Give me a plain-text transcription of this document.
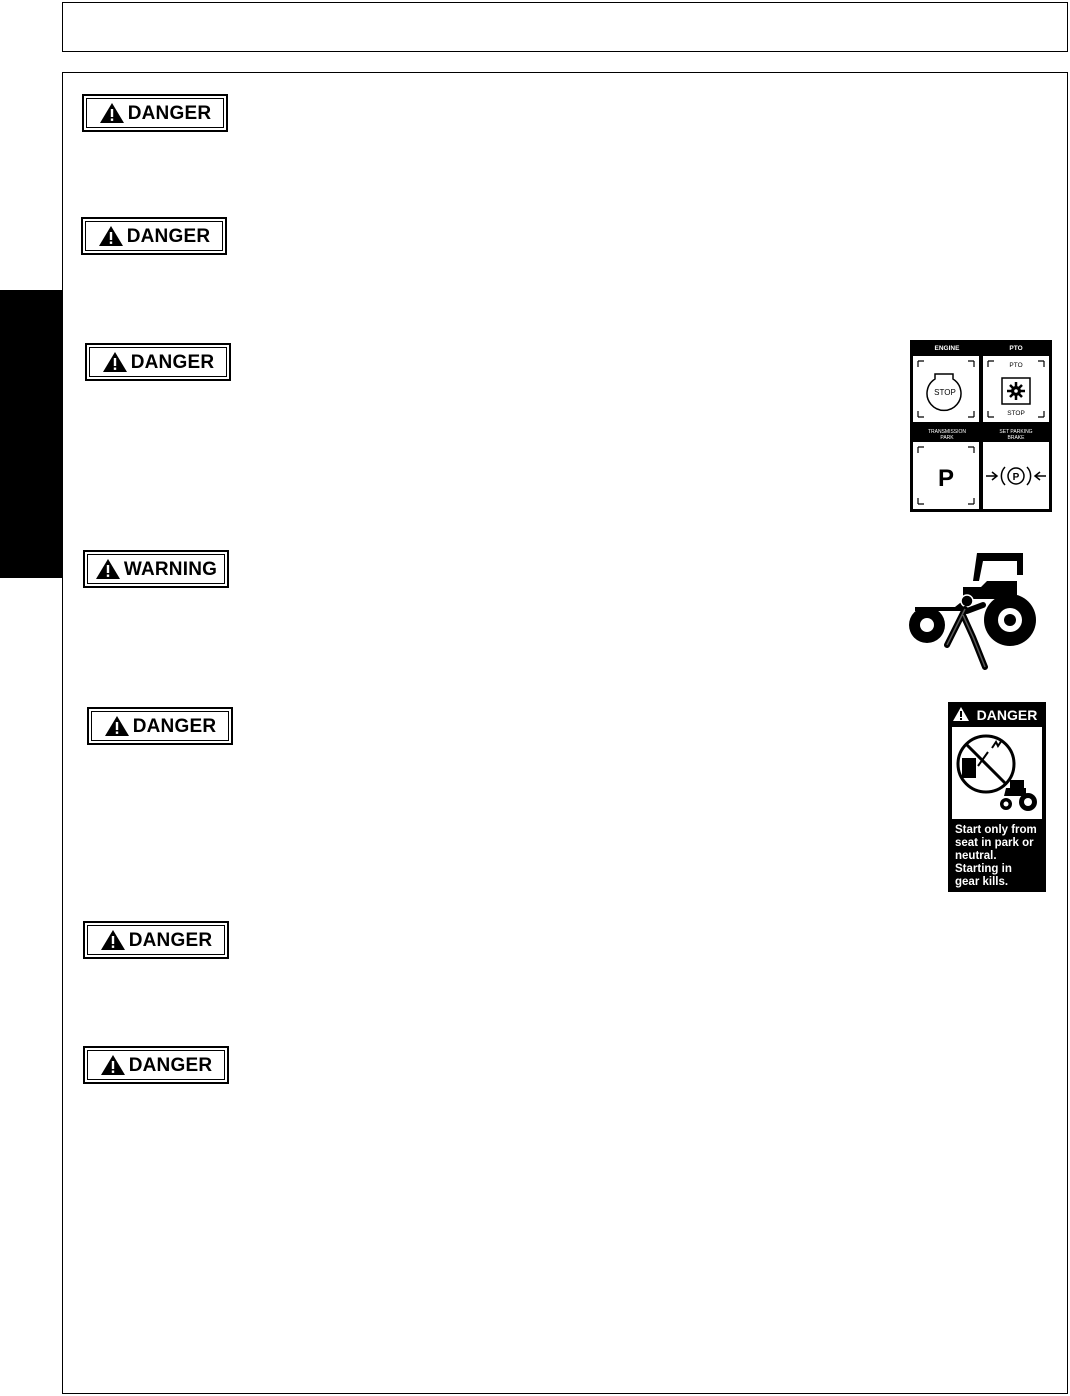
DANGER
DANGER
DANGER
WARNING
DANGER
DANGER
DANGER
ENGINE
STOP
PTO
PTO
STOP
TRANSMISSION
PARK
P
SET PARKING
BRAKE
P
DANGER
Start only from
seat in park or
neutral.
Starting in
gear kills.
